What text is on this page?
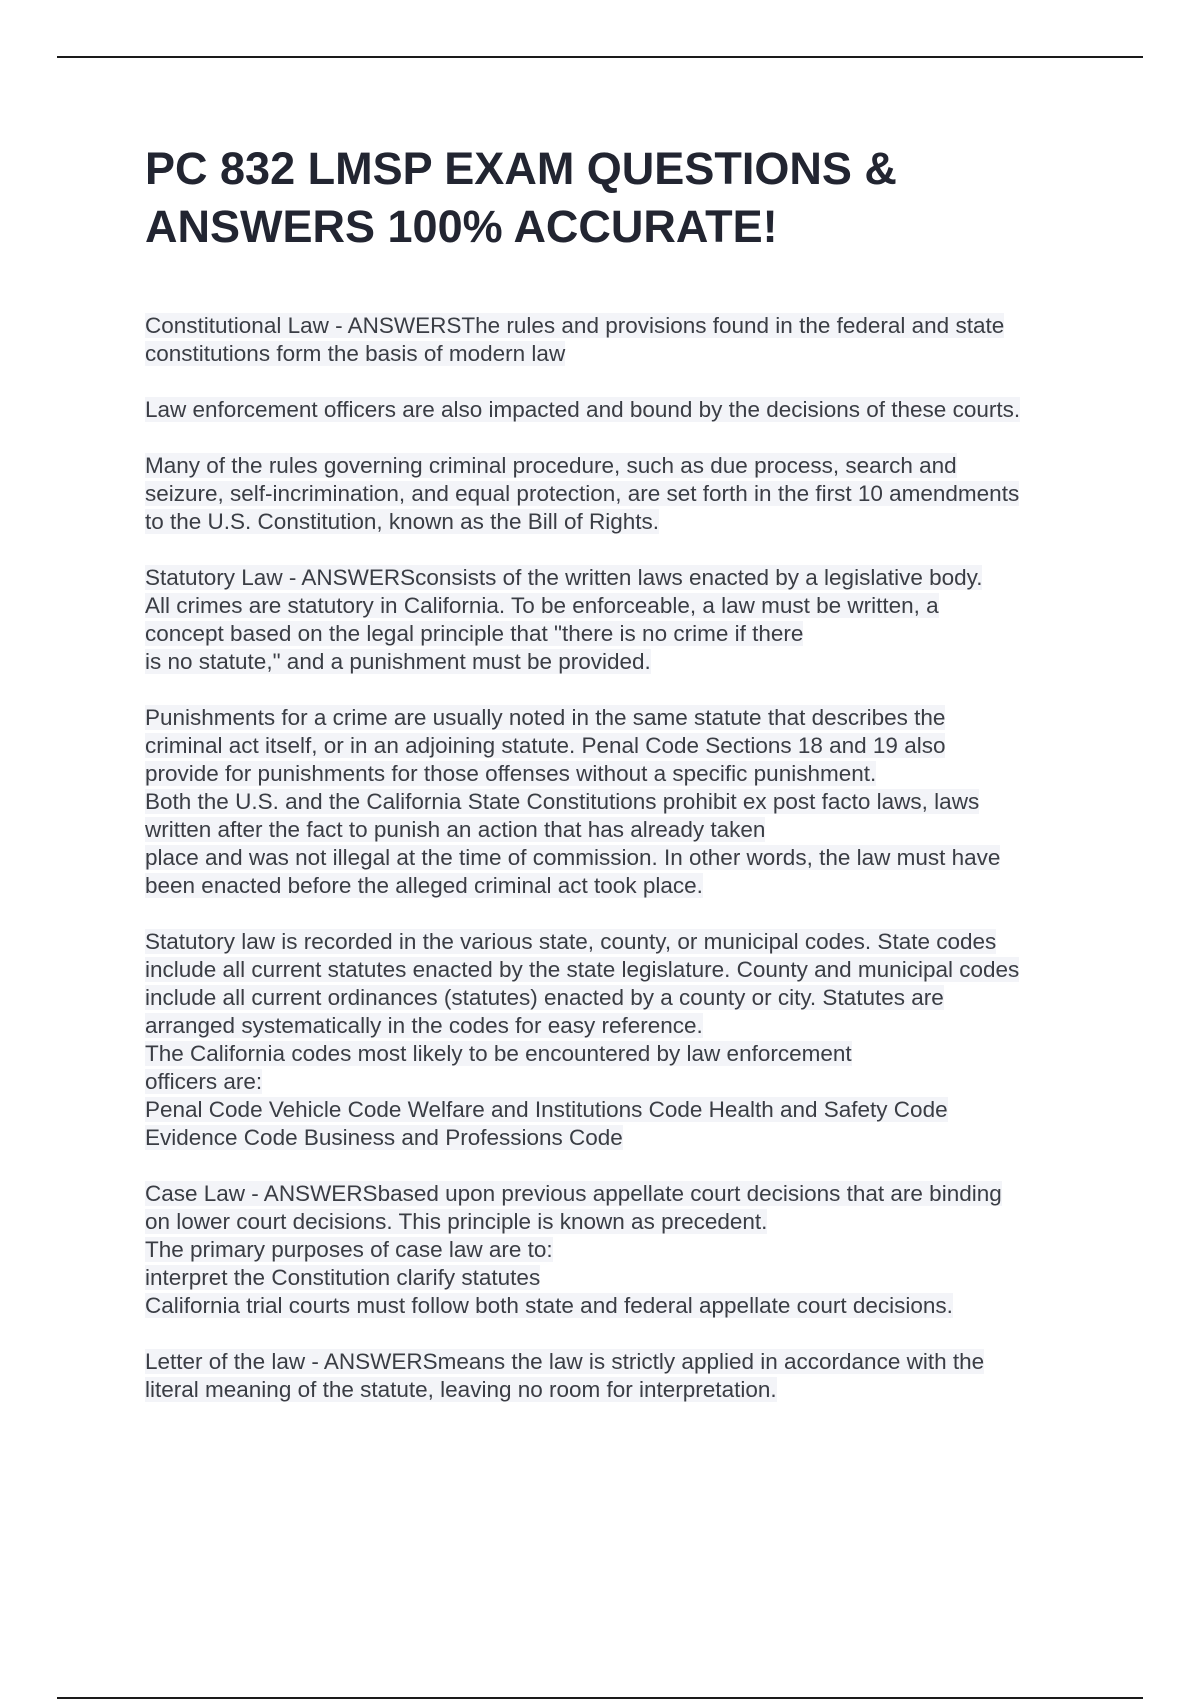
PC 832 LMSP EXAM QUESTIONS &
ANSWERS 100% ACCURATE!

Constitutional Law - ANSWERSThe rules and provisions found in the federal and state
constitutions form the basis of modern law

Law enforcement officers are also impacted and bound by the decisions of these courts.

Many of the rules governing criminal procedure, such as due process, search and
seizure, self-incrimination, and equal protection, are set forth in the first 10 amendments
to the U.S. Constitution, known as the Bill of Rights.

Statutory Law - ANSWERSconsists of the written laws enacted by a legislative body.
All crimes are statutory in California. To be enforceable, a law must be written, a
concept based on the legal principle that "there is no crime if there
is no statute," and a punishment must be provided.

Punishments for a crime are usually noted in the same statute that describes the
criminal act itself, or in an adjoining statute. Penal Code Sections 18 and 19 also
provide for punishments for those offenses without a specific punishment.
Both the U.S. and the California State Constitutions prohibit ex post facto laws, laws
written after the fact to punish an action that has already taken
place and was not illegal at the time of commission. In other words, the law must have
been enacted before the alleged criminal act took place.

Statutory law is recorded in the various state, county, or municipal codes. State codes
include all current statutes enacted by the state legislature. County and municipal codes
include all current ordinances (statutes) enacted by a county or city. Statutes are
arranged systematically in the codes for easy reference.
The California codes most likely to be encountered by law enforcement
officers are:
Penal Code Vehicle Code Welfare and Institutions Code Health and Safety Code
Evidence Code Business and Professions Code

Case Law - ANSWERSbased upon previous appellate court decisions that are binding
on lower court decisions. This principle is known as precedent.
The primary purposes of case law are to:
interpret the Constitution clarify statutes
California trial courts must follow both state and federal appellate court decisions.

Letter of the law - ANSWERSmeans the law is strictly applied in accordance with the
literal meaning of the statute, leaving no room for interpretation.
